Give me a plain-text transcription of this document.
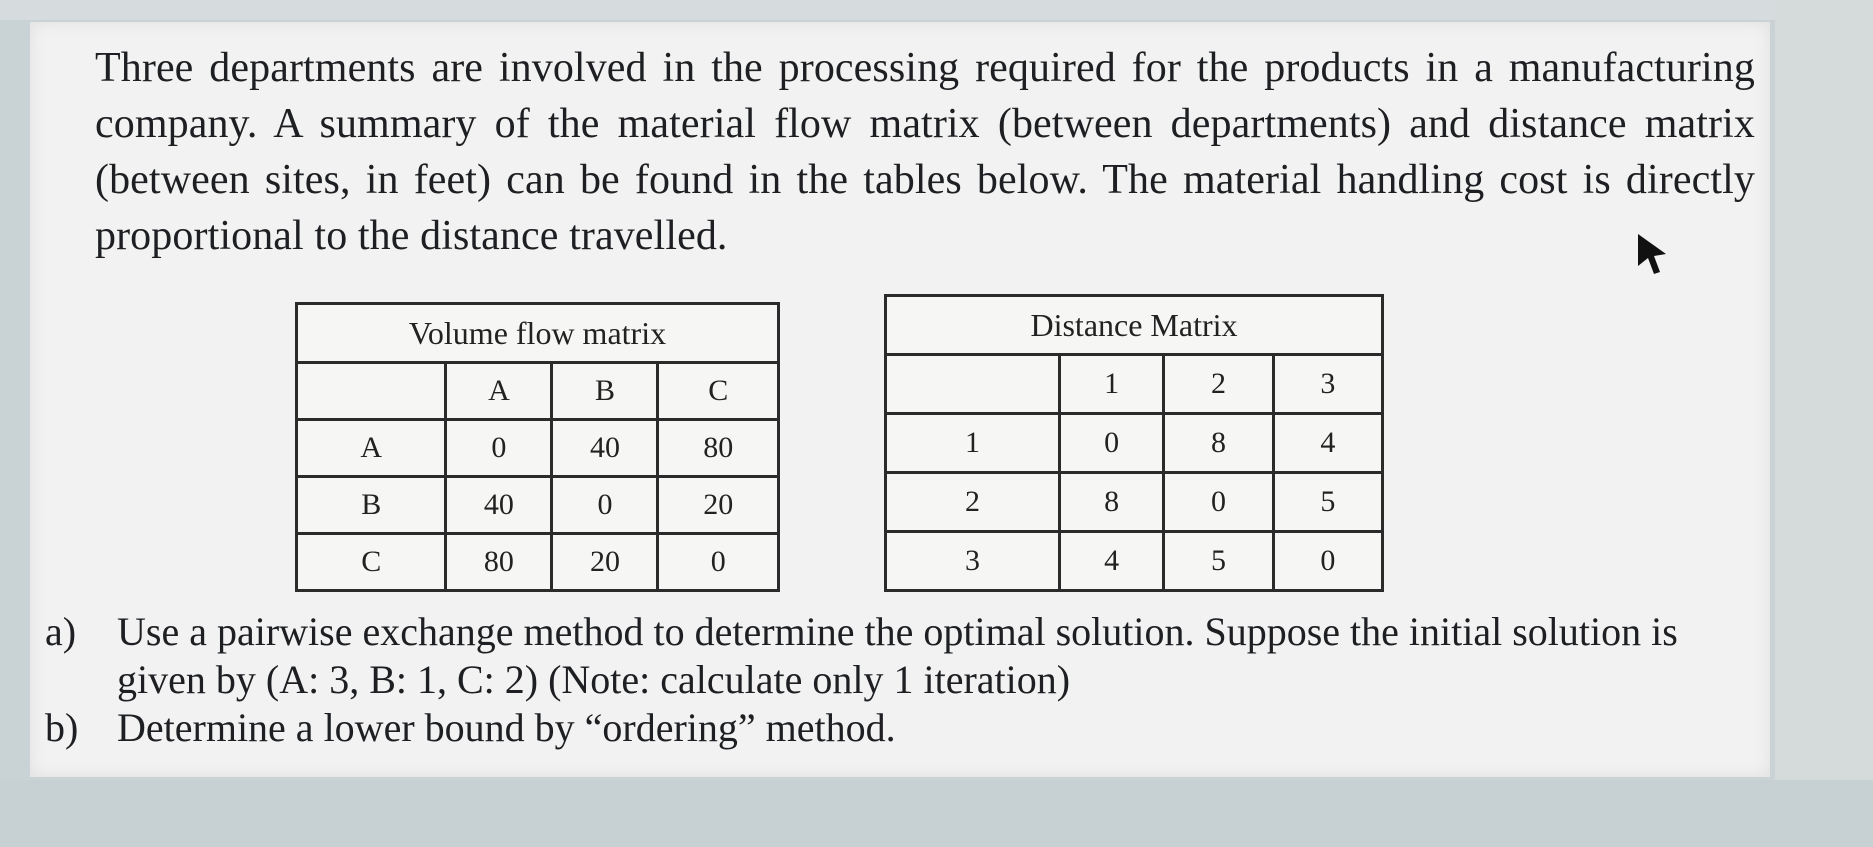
Three departments are involved in the processing required for the products in a manufacturing company. A summary of the material flow matrix (between departments) and distance matrix (between sites, in feet) can be found in the tables below. The material handling cost is directly proportional to the distance travelled.

Volume flow matrix			
	A	B	C
A	0	40	80
B	40	0	20
C	80	20	0
Distance Matrix			
	1	2	3
1	0	8	4
2	8	0	5
3	4	5	0
a) Use a pairwise exchange method to determine the optimal solution. Suppose the initial solution is given by (A: 3, B: 1, C: 2) (Note: calculate only 1 iteration)
b) Determine a lower bound by “ordering” method.
